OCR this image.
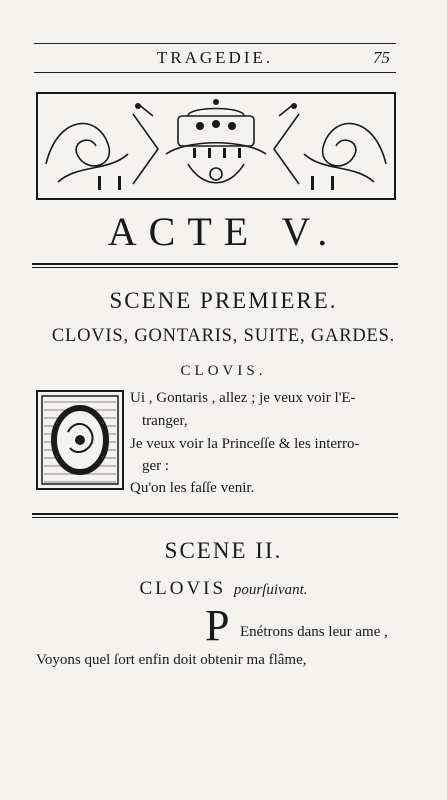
TRAGEDIE.	75
ACTE V.
SCENE PREMIERE.
CLOVIS, GONTARIS, SUITE, GARDES.
CLOVIS.
Ui , Gontaris , allez ; je veux voir l'E-
tranger,
Je veux voir la Princeſſe & les interro-
ger :
Qu'on les faſſe venir.
SCENE II.
CLOVIS pourſuivant.
P Enétrons dans leur ame ,
Voyons quel ſort enfin doit obtenir ma flâme,
